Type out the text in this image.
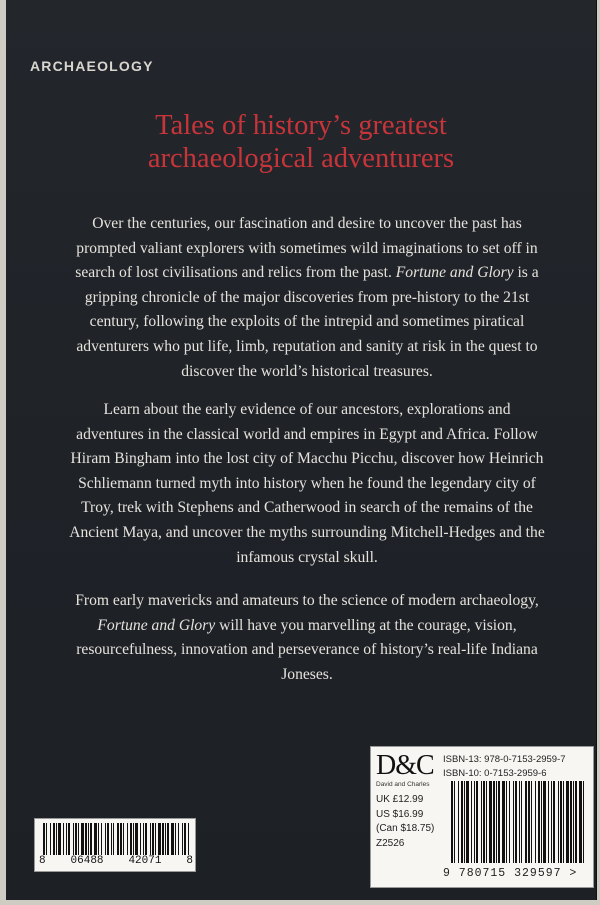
ARCHAEOLOGY
Tales of history’s greatest
archaeological adventurers

Over the centuries, our fascination and desire to uncover the past has prompted valiant explorers with sometimes wild imaginations to set off in search of lost civilisations and relics from the past. Fortune and Glory is a gripping chronicle of the major discoveries from pre-history to the 21st century, following the exploits of the intrepid and sometimes piratical adventurers who put life, limb, reputation and sanity at risk in the quest to discover the world’s historical treasures.

Learn about the early evidence of our ancestors, explorations and adventures in the classical world and empires in Egypt and Africa. Follow Hiram Bingham into the lost city of Macchu Picchu, discover how Heinrich Schliemann turned myth into history when he found the legendary city of Troy, trek with Stephens and Catherwood in search of the remains of the Ancient Maya, and uncover the myths surrounding Mitchell-Hedges and the infamous crystal skull.

From early mavericks and amateurs to the science of modern archaeology, Fortune and Glory will have you marvelling at the courage, vision, resourcefulness, innovation and perseverance of history’s real-life Indiana Joneses.

D&C
David and Charles
ISBN-13: 978-0-7153-2959-7
ISBN-10: 0-7153-2959-6
UK £12.99
US $16.99
(Can $18.75)
Z2526
9 780715 329597 >
8 06488 42071 8
